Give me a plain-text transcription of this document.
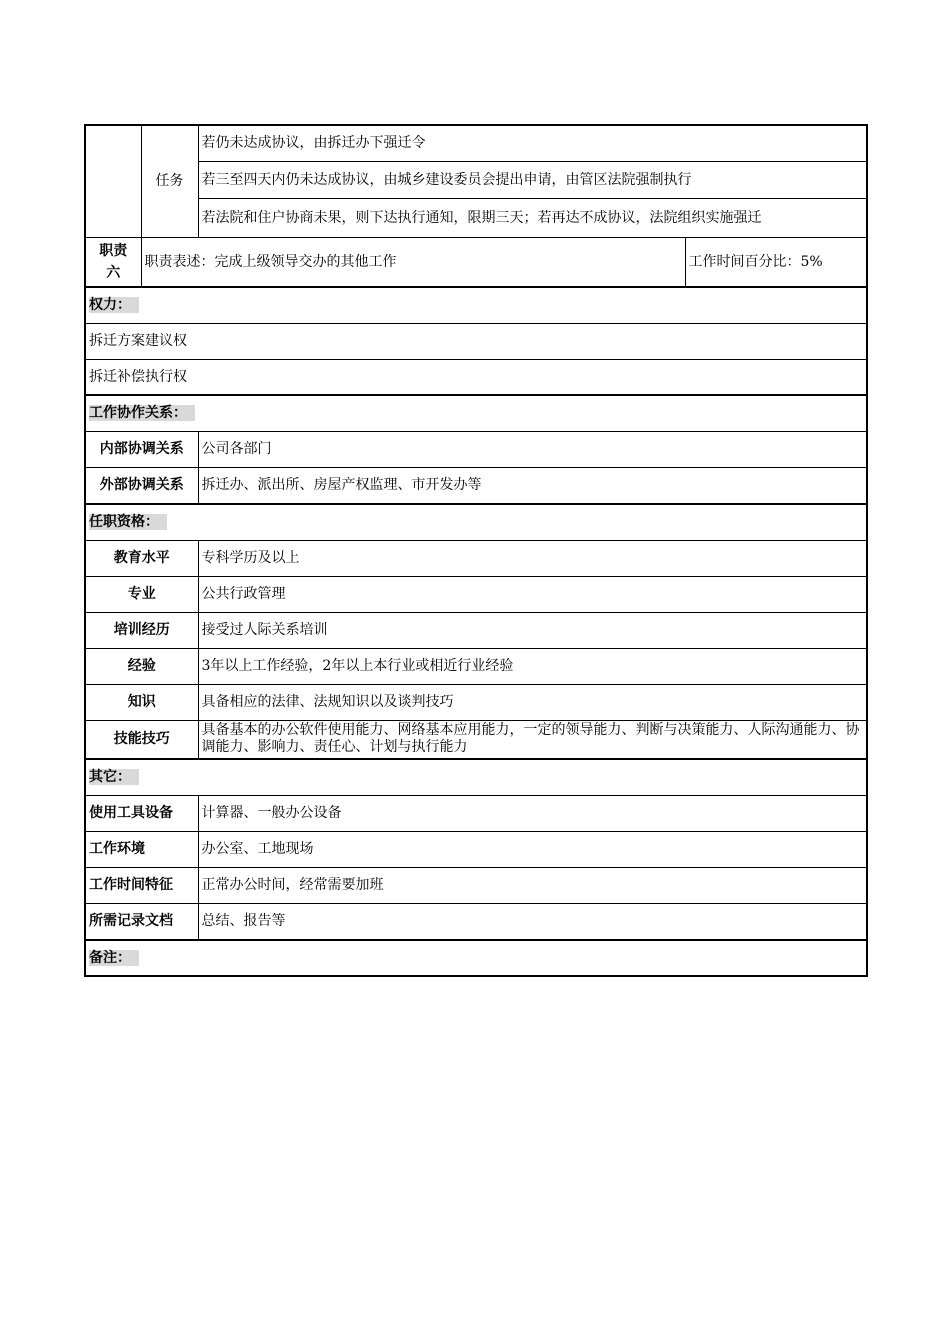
	任务	若仍未达成协议，由拆迁办下强迁令	
		若三至四天内仍未达成协议，由城乡建设委员会提出申请，由管区法院强制执行	
		若法院和住户协商未果，则下达执行通知，限期三天；若再达不成协议，法院组织实施强迁	
职责六	职责表述：完成上级领导交办的其他工作		工作时间百分比：5%
权力：			
拆迁方案建议权			
拆迁补偿执行权			
工作协作关系：			
内部协调关系		公司各部门	
外部协调关系		拆迁办、派出所、房屋产权监理、市开发办等	
任职资格：			
教育水平		专科学历及以上	
专业		公共行政管理	
培训经历		接受过人际关系培训	
经验		3年以上工作经验，2年以上本行业或相近行业经验	
知识		具备相应的法律、法规知识以及谈判技巧	
技能技巧		具备基本的办公软件使用能力、网络基本应用能力，一定的领导能力、判断与决策能力、人际沟通能力、协调能力、影响力、责任心、计划与执行能力	
其它：			
使用工具设备		计算器、一般办公设备	
工作环境		办公室、工地现场	
工作时间特征		正常办公时间，经常需要加班	
所需记录文档		总结、报告等	
备注：			
